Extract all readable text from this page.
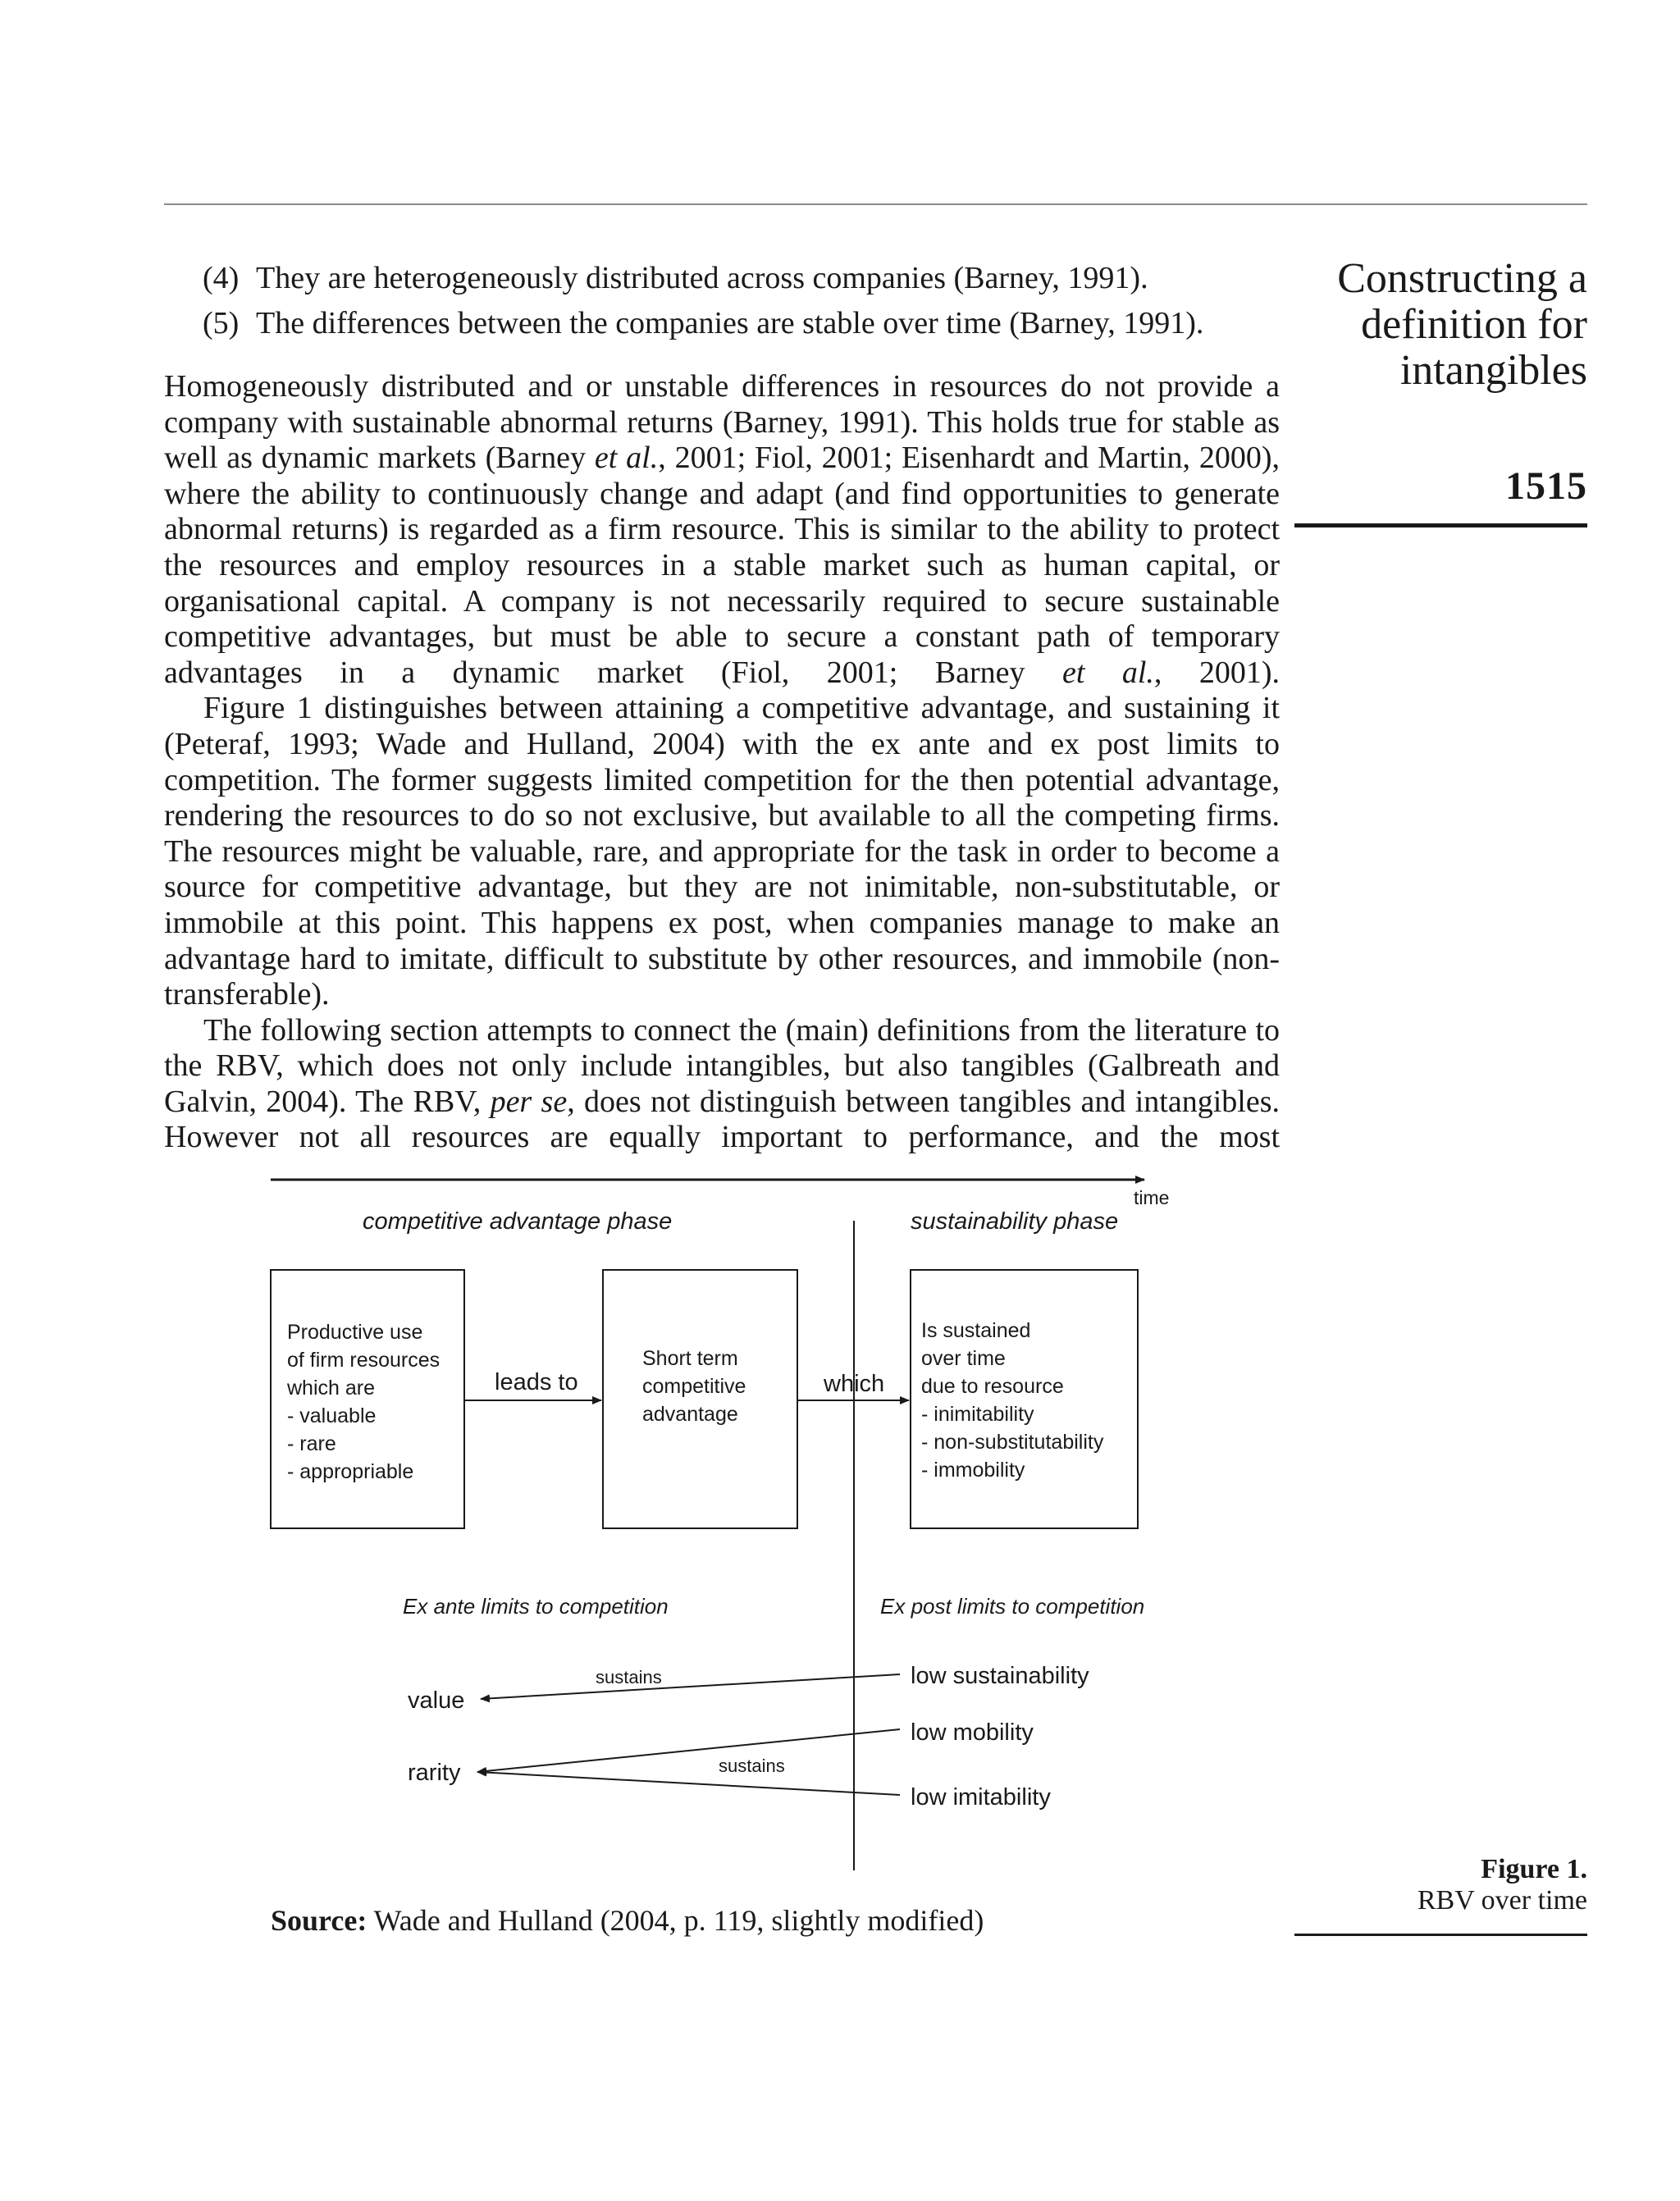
(4) They are heterogeneously distributed across companies (Barney, 1991).
(5) The differences between the companies are stable over time (Barney, 1991).

Homogeneously distributed and or unstable differences in resources do not provide a company with sustainable abnormal returns (Barney, 1991). This holds true for stable as well as dynamic markets (Barney et al., 2001; Fiol, 2001; Eisenhardt and Martin, 2000), where the ability to continuously change and adapt (and find opportunities to generate abnormal returns) is regarded as a firm resource. This is similar to the ability to protect the resources and employ resources in a stable market such as human capital, or organisational capital. A company is not necessarily required to secure sustainable competitive advantages, but must be able to secure a constant path of temporary advantages in a dynamic market (Fiol, 2001; Barney et al., 2001).

Figure 1 distinguishes between attaining a competitive advantage, and sustaining it (Peteraf, 1993; Wade and Hulland, 2004) with the ex ante and ex post limits to competition. The former suggests limited competition for the then potential advantage, rendering the resources to do so not exclusive, but available to all the competing firms. The resources might be valuable, rare, and appropriate for the task in order to become a source for competitive advantage, but they are not inimitable, non-substitutable, or immobile at this point. This happens ex post, when companies manage to make an advantage hard to imitate, difficult to substitute by other resources, and immobile (non-transferable).

The following section attempts to connect the (main) definitions from the literature to the RBV, which does not only include intangibles, but also tangibles (Galbreath and Galvin, 2004). The RBV, per se, does not distinguish between tangibles and intangibles. However not all resources are equally important to performance, and the most

Constructing a
definition for
intangibles
1515
time
competitive advantage phase	sustainability phase
Productive use
of firm resources
which are
- valuable
- rare
- appropriable
Short term
competitive
advantage
Is sustained
over time
due to resource
- inimitability
- non-substitutability
- immobility
leads to	which
Ex ante limits to competition	Ex post limits to competition
value
rarity
low sustainability
low mobility
low imitability
sustains
sustains
Source: Wade and Hulland (2004, p. 119, slightly modified)
Figure 1.
RBV over time
